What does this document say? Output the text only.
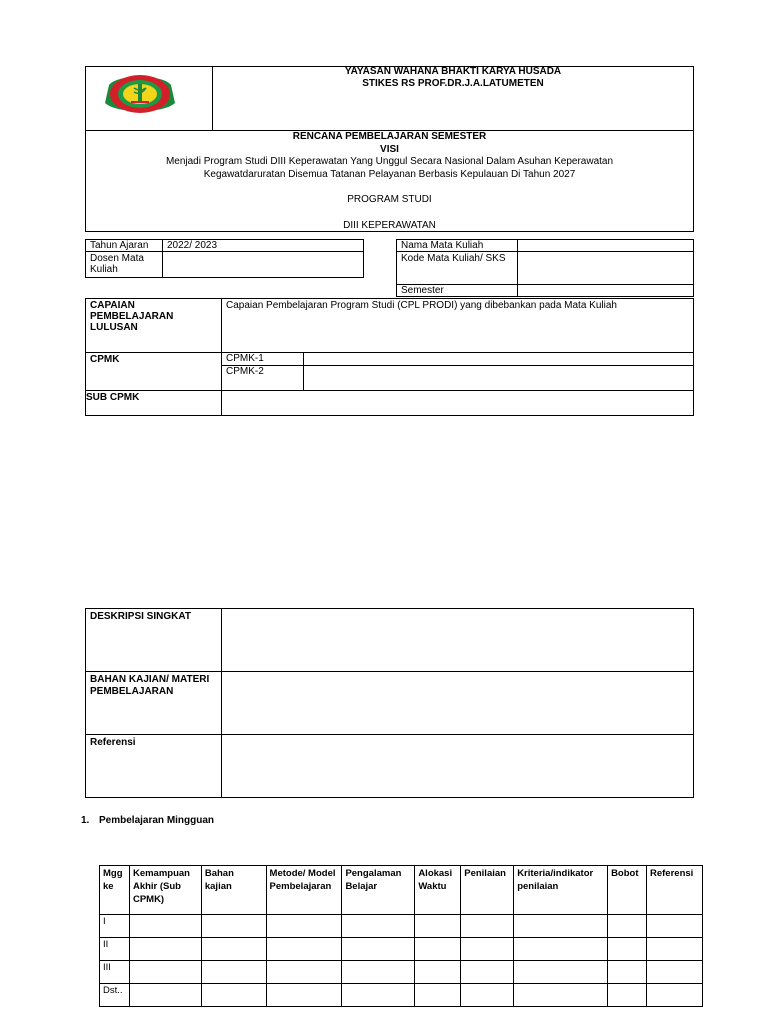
YAYASAN WAHANA BHAKTI KARYA HUSADA
STIKES RS PROF.DR.J.A.LATUMETEN
RENCANA PEMBELAJARAN SEMESTER
VISI
Menjadi Program Studi DIII Keperawatan Yang Unggul Secara Nasional Dalam Asuhan Keperawatan
Kegawatdaruratan Disemua Tatanan Pelayanan Berbasis Kepulauan Di Tahun 2027
PROGRAM STUDI
DIII KEPERAWATAN
Tahun Ajaran 2022/ 2023
Dosen Mata Kuliah
Nama Mata Kuliah
Kode Mata Kuliah/ SKS
Semester
CAPAIAN PEMBELAJARAN LULUSAN
Capaian Pembelajaran Program Studi (CPL PRODI) yang dibebankan pada Mata Kuliah
CPMK	CPMK-1
CPMK-2
SUB CPMK
DESKRIPSI SINGKAT
BAHAN KAJIAN/ MATERI
PEMBELAJARAN
Referensi
1. Pembelajaran Mingguan
Mgg ke	Kemampuan Akhir (Sub CPMK)	Bahan kajian	Metode/ Model Pembelajaran	Pengalaman Belajar	Alokasi Waktu	Penilaian	Kriteria/indikator penilaian	Bobot	Referensi
I									
II									
III									
Dst..									
